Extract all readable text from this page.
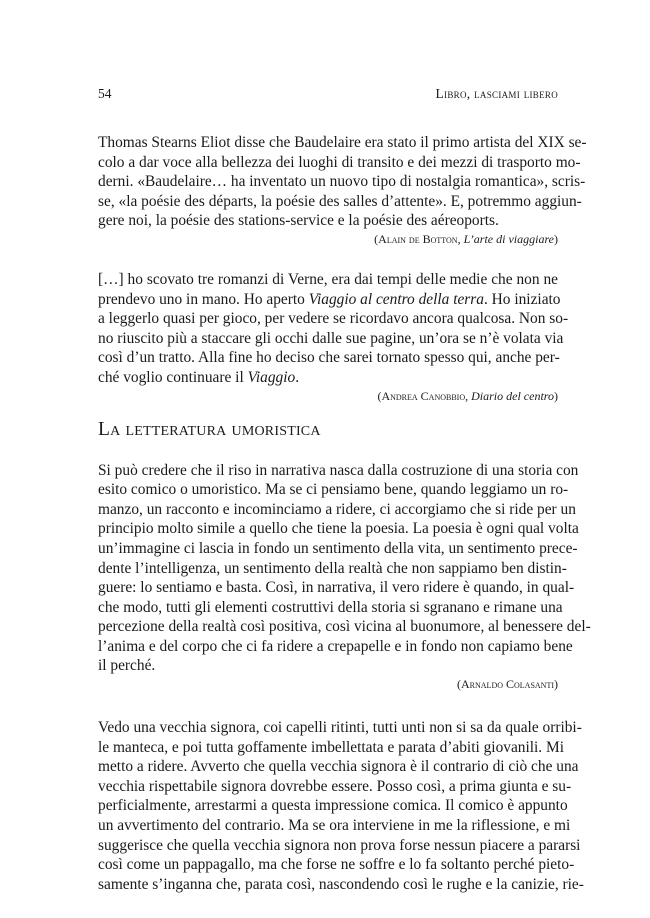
54	Libro, lasciami libero
Thomas Stearns Eliot disse che Baudelaire era stato il primo artista del XIX se-
colo a dar voce alla bellezza dei luoghi di transito e dei mezzi di trasporto mo-
derni. «Baudelaire… ha inventato un nuovo tipo di nostalgia romantica», scris-
se, «la poésie des départs, la poésie des salles d’attente». E, potremmo aggiun-
gere noi, la poésie des stations-service e la poésie des aéreoports.
(Alain de Botton, L’arte di viaggiare)
[…] ho scovato tre romanzi di Verne, era dai tempi delle medie che non ne
prendevo uno in mano. Ho aperto Viaggio al centro della terra. Ho iniziato
a leggerlo quasi per gioco, per vedere se ricordavo ancora qualcosa. Non so-
no riuscito più a staccare gli occhi dalle sue pagine, un’ora se n’è volata via
così d’un tratto. Alla fine ho deciso che sarei tornato spesso qui, anche per-
ché voglio continuare il Viaggio.
(Andrea Canobbio, Diario del centro)
La letteratura umoristica
Si può credere che il riso in narrativa nasca dalla costruzione di una storia con
esito comico o umoristico. Ma se ci pensiamo bene, quando leggiamo un ro-
manzo, un racconto e incominciamo a ridere, ci accorgiamo che si ride per un
principio molto simile a quello che tiene la poesia. La poesia è ogni qual volta
un’immagine ci lascia in fondo un sentimento della vita, un sentimento prece-
dente l’intelligenza, un sentimento della realtà che non sappiamo ben distin-
guere: lo sentiamo e basta. Così, in narrativa, il vero ridere è quando, in qual-
che modo, tutti gli elementi costruttivi della storia si sgranano e rimane una
percezione della realtà così positiva, così vicina al buonumore, al benessere del-
l’anima e del corpo che ci fa ridere a crepapelle e in fondo non capiamo bene
il perché.
(Arnaldo Colasanti)
Vedo una vecchia signora, coi capelli ritinti, tutti unti non si sa da quale orribi-
le manteca, e poi tutta goffamente imbellettata e parata d’abiti giovanili. Mi
metto a ridere. Avverto che quella vecchia signora è il contrario di ciò che una
vecchia rispettabile signora dovrebbe essere. Posso così, a prima giunta e su-
perficialmente, arrestarmi a questa impressione comica. Il comico è appunto
un avvertimento del contrario. Ma se ora interviene in me la riflessione, e mi
suggerisce che quella vecchia signora non prova forse nessun piacere a pararsi
così come un pappagallo, ma che forse ne soffre e lo fa soltanto perché pieto-
samente s’inganna che, parata così, nascondendo così le rughe e la canizie, rie-
